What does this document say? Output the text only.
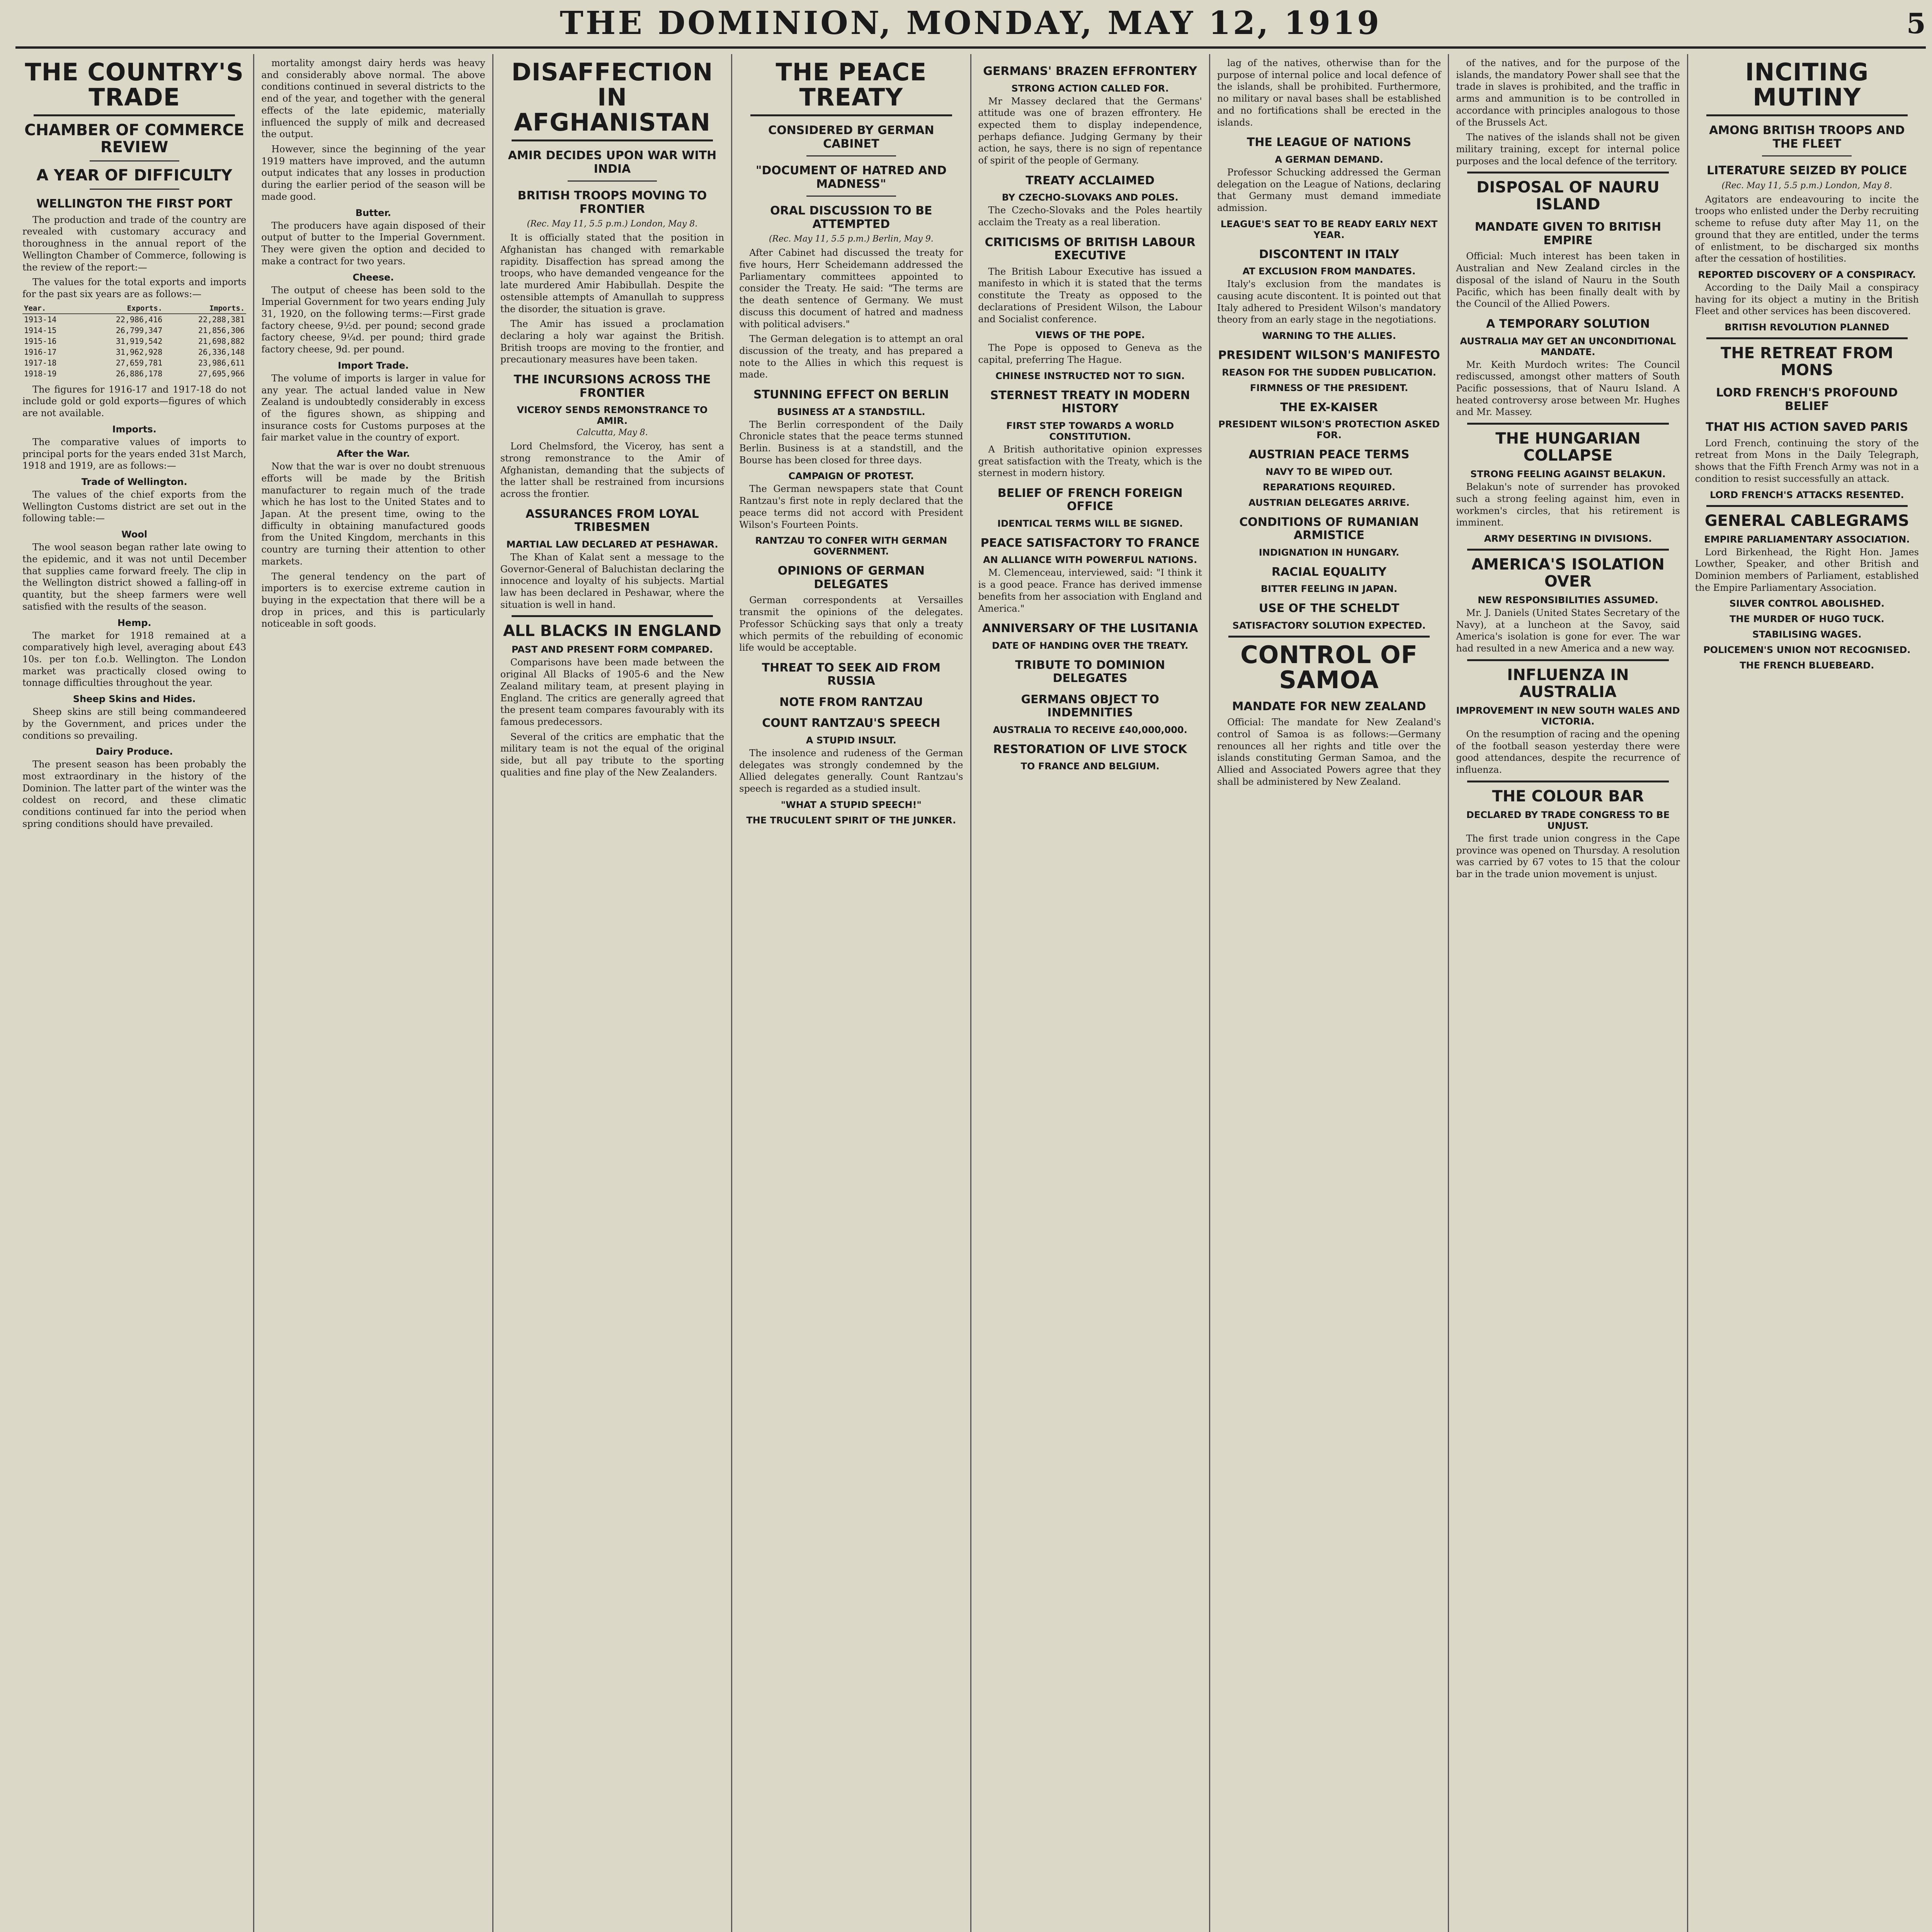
THE DOMINION, MONDAY, MAY 12, 1919	5
THE COUNTRY'S TRADE
CHAMBER OF COMMERCE REVIEW
A YEAR OF DIFFICULTY
WELLINGTON THE FIRST PORT

The production and trade of the country are revealed with customary accuracy and thoroughness in the annual report of the Wellington Chamber of Commerce, following is the review of the report:—

The values for the total exports and imports for the past six years are as follows:—

Year.	Exports.	Imports.
1913-14	22,986,416	22,288,381
1914-15	26,799,347	21,856,306
1915-16	31,919,542	21,698,882
1916-17	31,962,928	26,336,148
1917-18	27,659,781	23,986,611
1918-19	26,886,178	27,695,966

The figures for 1916-17 and 1917-18 do not include gold or gold exports—figures of which are not available.

Imports.

The comparative values of imports to principal ports for the years ended 31st March, 1918 and 1919, are as follows:—

Trade of Wellington.

The values of the chief exports from the Wellington Customs district are set out in the following table:—

Wool

The wool season began rather late owing to the epidemic, and it was not until December that supplies came forward freely. The clip in the Wellington district showed a falling-off in quantity, but the sheep farmers were well satisfied with the results of the season.

Hemp.

The market for 1918 remained at a comparatively high level, averaging about £43 10s. per ton f.o.b. Wellington. The London market was practically closed owing to tonnage difficulties throughout the year.

Sheep Skins and Hides.

Sheep skins are still being commandeered by the Government, and prices under the conditions so prevailing.

Dairy Produce.

The present season has been probably the most extraordinary in the history of the Dominion. The latter part of the winter was the coldest on record, and these climatic conditions continued far into the period when spring conditions should have prevailed.

mortality amongst dairy herds was heavy and considerably above normal. The above conditions continued in several districts to the end of the year, and together with the general effects of the late epidemic, materially influenced the supply of milk and decreased the output.

However, since the beginning of the year 1919 matters have improved, and the autumn output indicates that any losses in production during the earlier period of the season will be made good.

Butter.

The producers have again disposed of their output of butter to the Imperial Government. They were given the option and decided to make a contract for two years.

Cheese.

The output of cheese has been sold to the Imperial Government for two years ending July 31, 1920, on the following terms:—First grade factory cheese, 9½d. per pound; second grade factory cheese, 9¼d. per pound; third grade factory cheese, 9d. per pound.

Import Trade.

The volume of imports is larger in value for any year. The actual landed value in New Zealand is undoubtedly considerably in excess of the figures shown, as shipping and insurance costs for Customs purposes at the fair market value in the country of export.

After the War.

Now that the war is over no doubt strenuous efforts will be made by the British manufacturer to regain much of the trade which he has lost to the United States and to Japan. At the present time, owing to the difficulty in obtaining manufactured goods from the United Kingdom, merchants in this country are turning their attention to other markets.

The general tendency on the part of importers is to exercise extreme caution in buying in the expectation that there will be a drop in prices, and this is particularly noticeable in soft goods.

DISAFFECTION IN AFGHANISTAN
AMIR DECIDES UPON WAR WITH INDIA
BRITISH TROOPS MOVING TO FRONTIER
(Rec. May 11, 5.5 p.m.) London, May 8.

It is officially stated that the position in Afghanistan has changed with remarkable rapidity. Disaffection has spread among the troops, who have demanded vengeance for the late murdered Amir Habibullah. Despite the ostensible attempts of Amanullah to suppress the disorder, the situation is grave.

The Amir has issued a proclamation declaring a holy war against the British. British troops are moving to the frontier, and precautionary measures have been taken.

THE INCURSIONS ACROSS THE FRONTIER
VICEROY SENDS REMONSTRANCE TO AMIR.
Calcutta, May 8.

Lord Chelmsford, the Viceroy, has sent a strong remonstrance to the Amir of Afghanistan, demanding that the subjects of the latter shall be restrained from incursions across the frontier.

ASSURANCES FROM LOYAL TRIBESMEN
MARTIAL LAW DECLARED AT PESHAWAR.

The Khan of Kalat sent a message to the Governor-General of Baluchistan declaring the innocence and loyalty of his subjects. Martial law has been declared in Peshawar, where the situation is well in hand.

ALL BLACKS IN ENGLAND
PAST AND PRESENT FORM COMPARED.

Comparisons have been made between the original All Blacks of 1905-6 and the New Zealand military team, at present playing in England. The critics are generally agreed that the present team compares favourably with its famous predecessors.

Several of the critics are emphatic that the military team is not the equal of the original side, but all pay tribute to the sporting qualities and fine play of the New Zealanders.

THE PEACE TREATY
CONSIDERED BY GERMAN CABINET
"DOCUMENT OF HATRED AND MADNESS"
ORAL DISCUSSION TO BE ATTEMPTED
(Rec. May 11, 5.5 p.m.) Berlin, May 9.

After Cabinet had discussed the treaty for five hours, Herr Scheidemann addressed the Parliamentary committees appointed to consider the Treaty. He said: "The terms are the death sentence of Germany. We must discuss this document of hatred and madness with political advisers."

The German delegation is to attempt an oral discussion of the treaty, and has prepared a note to the Allies in which this request is made.

STUNNING EFFECT ON BERLIN
BUSINESS AT A STANDSTILL.

The Berlin correspondent of the Daily Chronicle states that the peace terms stunned Berlin. Business is at a standstill, and the Bourse has been closed for three days.

CAMPAIGN OF PROTEST.

The German newspapers state that Count Rantzau's first note in reply declared that the peace terms did not accord with President Wilson's Fourteen Points.

RANTZAU TO CONFER WITH GERMAN GOVERNMENT.
OPINIONS OF GERMAN DELEGATES

German correspondents at Versailles transmit the opinions of the delegates. Professor Schücking says that only a treaty which permits of the rebuilding of economic life would be acceptable.

THREAT TO SEEK AID FROM RUSSIA
NOTE FROM RANTZAU
COUNT RANTZAU'S SPEECH
A STUPID INSULT.

The insolence and rudeness of the German delegates was strongly condemned by the Allied delegates generally. Count Rantzau's speech is regarded as a studied insult.

"WHAT A STUPID SPEECH!"
THE TRUCULENT SPIRIT OF THE JUNKER.
GERMANS' BRAZEN EFFRONTERY
STRONG ACTION CALLED FOR.

Mr Massey declared that the Germans' attitude was one of brazen effrontery. He expected them to display independence, perhaps defiance. Judging Germany by their action, he says, there is no sign of repentance of spirit of the people of Germany.

TREATY ACCLAIMED
BY CZECHO-SLOVAKS AND POLES.

The Czecho-Slovaks and the Poles heartily acclaim the Treaty as a real liberation.

CRITICISMS OF BRITISH LABOUR EXECUTIVE

The British Labour Executive has issued a manifesto in which it is stated that the terms constitute the Treaty as opposed to the declarations of President Wilson, the Labour and Socialist conference.

VIEWS OF THE POPE.

The Pope is opposed to Geneva as the capital, preferring The Hague.

CHINESE INSTRUCTED NOT TO SIGN.
STERNEST TREATY IN MODERN HISTORY
FIRST STEP TOWARDS A WORLD CONSTITUTION.

A British authoritative opinion expresses great satisfaction with the Treaty, which is the sternest in modern history.

BELIEF OF FRENCH FOREIGN OFFICE
IDENTICAL TERMS WILL BE SIGNED.
PEACE SATISFACTORY TO FRANCE
AN ALLIANCE WITH POWERFUL NATIONS.

M. Clemenceau, interviewed, said: "I think it is a good peace. France has derived immense benefits from her association with England and America."

ANNIVERSARY OF THE LUSITANIA
DATE OF HANDING OVER THE TREATY.
TRIBUTE TO DOMINION DELEGATES
GERMANS OBJECT TO INDEMNITIES
AUSTRALIA TO RECEIVE £40,000,000.
RESTORATION OF LIVE STOCK
TO FRANCE AND BELGIUM.

lag of the natives, otherwise than for the purpose of internal police and local defence of the islands, shall be prohibited. Furthermore, no military or naval bases shall be established and no fortifications shall be erected in the islands.

THE LEAGUE OF NATIONS
A GERMAN DEMAND.

Professor Schucking addressed the German delegation on the League of Nations, declaring that Germany must demand immediate admission.

LEAGUE'S SEAT TO BE READY EARLY NEXT YEAR.
DISCONTENT IN ITALY
AT EXCLUSION FROM MANDATES.

Italy's exclusion from the mandates is causing acute discontent. It is pointed out that Italy adhered to President Wilson's mandatory theory from an early stage in the negotiations.

WARNING TO THE ALLIES.
PRESIDENT WILSON'S MANIFESTO
REASON FOR THE SUDDEN PUBLICATION.
FIRMNESS OF THE PRESIDENT.
THE EX-KAISER
PRESIDENT WILSON'S PROTECTION ASKED FOR.
AUSTRIAN PEACE TERMS
NAVY TO BE WIPED OUT.
REPARATIONS REQUIRED.
AUSTRIAN DELEGATES ARRIVE.
CONDITIONS OF RUMANIAN ARMISTICE
INDIGNATION IN HUNGARY.
RACIAL EQUALITY
BITTER FEELING IN JAPAN.
USE OF THE SCHELDT
SATISFACTORY SOLUTION EXPECTED.
CONTROL OF SAMOA
MANDATE FOR NEW ZEALAND

Official: The mandate for New Zealand's control of Samoa is as follows:—Germany renounces all her rights and title over the islands constituting German Samoa, and the Allied and Associated Powers agree that they shall be administered by New Zealand.

of the natives, and for the purpose of the islands, the mandatory Power shall see that the trade in slaves is prohibited, and the traffic in arms and ammunition is to be controlled in accordance with principles analogous to those of the Brussels Act.

The natives of the islands shall not be given military training, except for internal police purposes and the local defence of the territory.

DISPOSAL OF NAURU ISLAND
MANDATE GIVEN TO BRITISH EMPIRE

Official: Much interest has been taken in Australian and New Zealand circles in the disposal of the island of Nauru in the South Pacific, which has been finally dealt with by the Council of the Allied Powers.

A TEMPORARY SOLUTION
AUSTRALIA MAY GET AN UNCONDITIONAL MANDATE.

Mr. Keith Murdoch writes: The Council rediscussed, amongst other matters of South Pacific possessions, that of Nauru Island. A heated controversy arose between Mr. Hughes and Mr. Massey.

THE HUNGARIAN COLLAPSE
STRONG FEELING AGAINST BELAKUN.

Belakun's note of surrender has provoked such a strong feeling against him, even in workmen's circles, that his retirement is imminent.

ARMY DESERTING IN DIVISIONS.
AMERICA'S ISOLATION OVER
NEW RESPONSIBILITIES ASSUMED.

Mr. J. Daniels (United States Secretary of the Navy), at a luncheon at the Savoy, said America's isolation is gone for ever. The war had resulted in a new America and a new way.

INFLUENZA IN AUSTRALIA
IMPROVEMENT IN NEW SOUTH WALES AND VICTORIA.

On the resumption of racing and the opening of the football season yesterday there were good attendances, despite the recurrence of influenza.

THE COLOUR BAR
DECLARED BY TRADE CONGRESS TO BE UNJUST.

The first trade union congress in the Cape province was opened on Thursday. A resolution was carried by 67 votes to 15 that the colour bar in the trade union movement is unjust.

INCITING MUTINY
AMONG BRITISH TROOPS AND THE FLEET
LITERATURE SEIZED BY POLICE
(Rec. May 11, 5.5 p.m.) London, May 8.

Agitators are endeavouring to incite the troops who enlisted under the Derby recruiting scheme to refuse duty after May 11, on the ground that they are entitled, under the terms of enlistment, to be discharged six months after the cessation of hostilities.

REPORTED DISCOVERY OF A CONSPIRACY.

According to the Daily Mail a conspiracy having for its object a mutiny in the British Fleet and other services has been discovered.

BRITISH REVOLUTION PLANNED
THE RETREAT FROM MONS
LORD FRENCH'S PROFOUND BELIEF
THAT HIS ACTION SAVED PARIS

Lord French, continuing the story of the retreat from Mons in the Daily Telegraph, shows that the Fifth French Army was not in a condition to resist successfully an attack.

LORD FRENCH'S ATTACKS RESENTED.
GENERAL CABLEGRAMS
EMPIRE PARLIAMENTARY ASSOCIATION.

Lord Birkenhead, the Right Hon. James Lowther, Speaker, and other British and Dominion members of Parliament, established the Empire Parliamentary Association.

SILVER CONTROL ABOLISHED.
THE MURDER OF HUGO TUCK.
STABILISING WAGES.
POLICEMEN'S UNION NOT RECOGNISED.
THE FRENCH BLUEBEARD.
